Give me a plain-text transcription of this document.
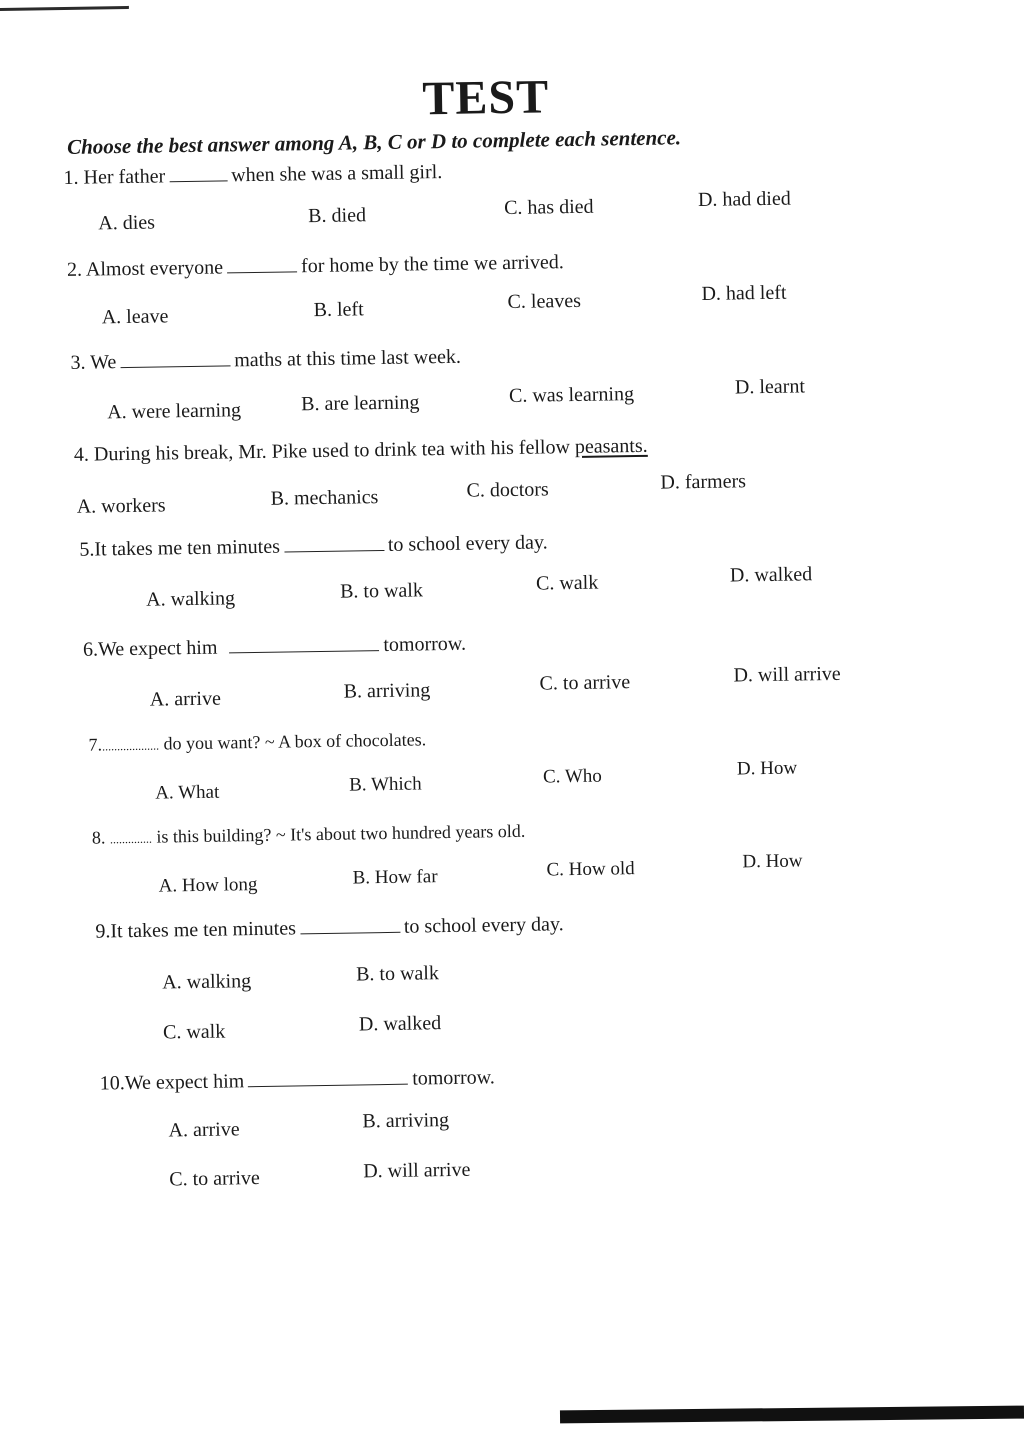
TEST
Choose the best answer among A, B, C or D to complete each sentence.
1. Her father	when she was a small girl.
A. dies	B. died	C. has died	D. had died
2. Almost everyone	for home by the time we arrived.
A. leave	B. left	C. leaves	D. had left
3. We	maths at this time last week.
A. were learning	B. are learning	C. was learning	D. learnt
4. During his break, Mr. Pike used to drink tea with his fellow peasants.
A. workers	B. mechanics	C. doctors	D. farmers
5.It takes me ten minutes	to school every day.
A. walking	B. to walk	C. walk	D. walked
6.We expect him	tomorrow.
A. arrive	B. arriving	C. to arrive	D. will arrive
7.................... do you want? ~ A box of chocolates.
A. What	B. Which	C. Who	D. How
8. .............. is this building? ~ It's about two hundred years old.
A. How long	B. How far	C. How old	D. How
9.It takes me ten minutes	to school every day.
A. walking	B. to walk
C. walk	D. walked
10.We expect him	tomorrow.
A. arrive	B. arriving
C. to arrive	D. will arrive
